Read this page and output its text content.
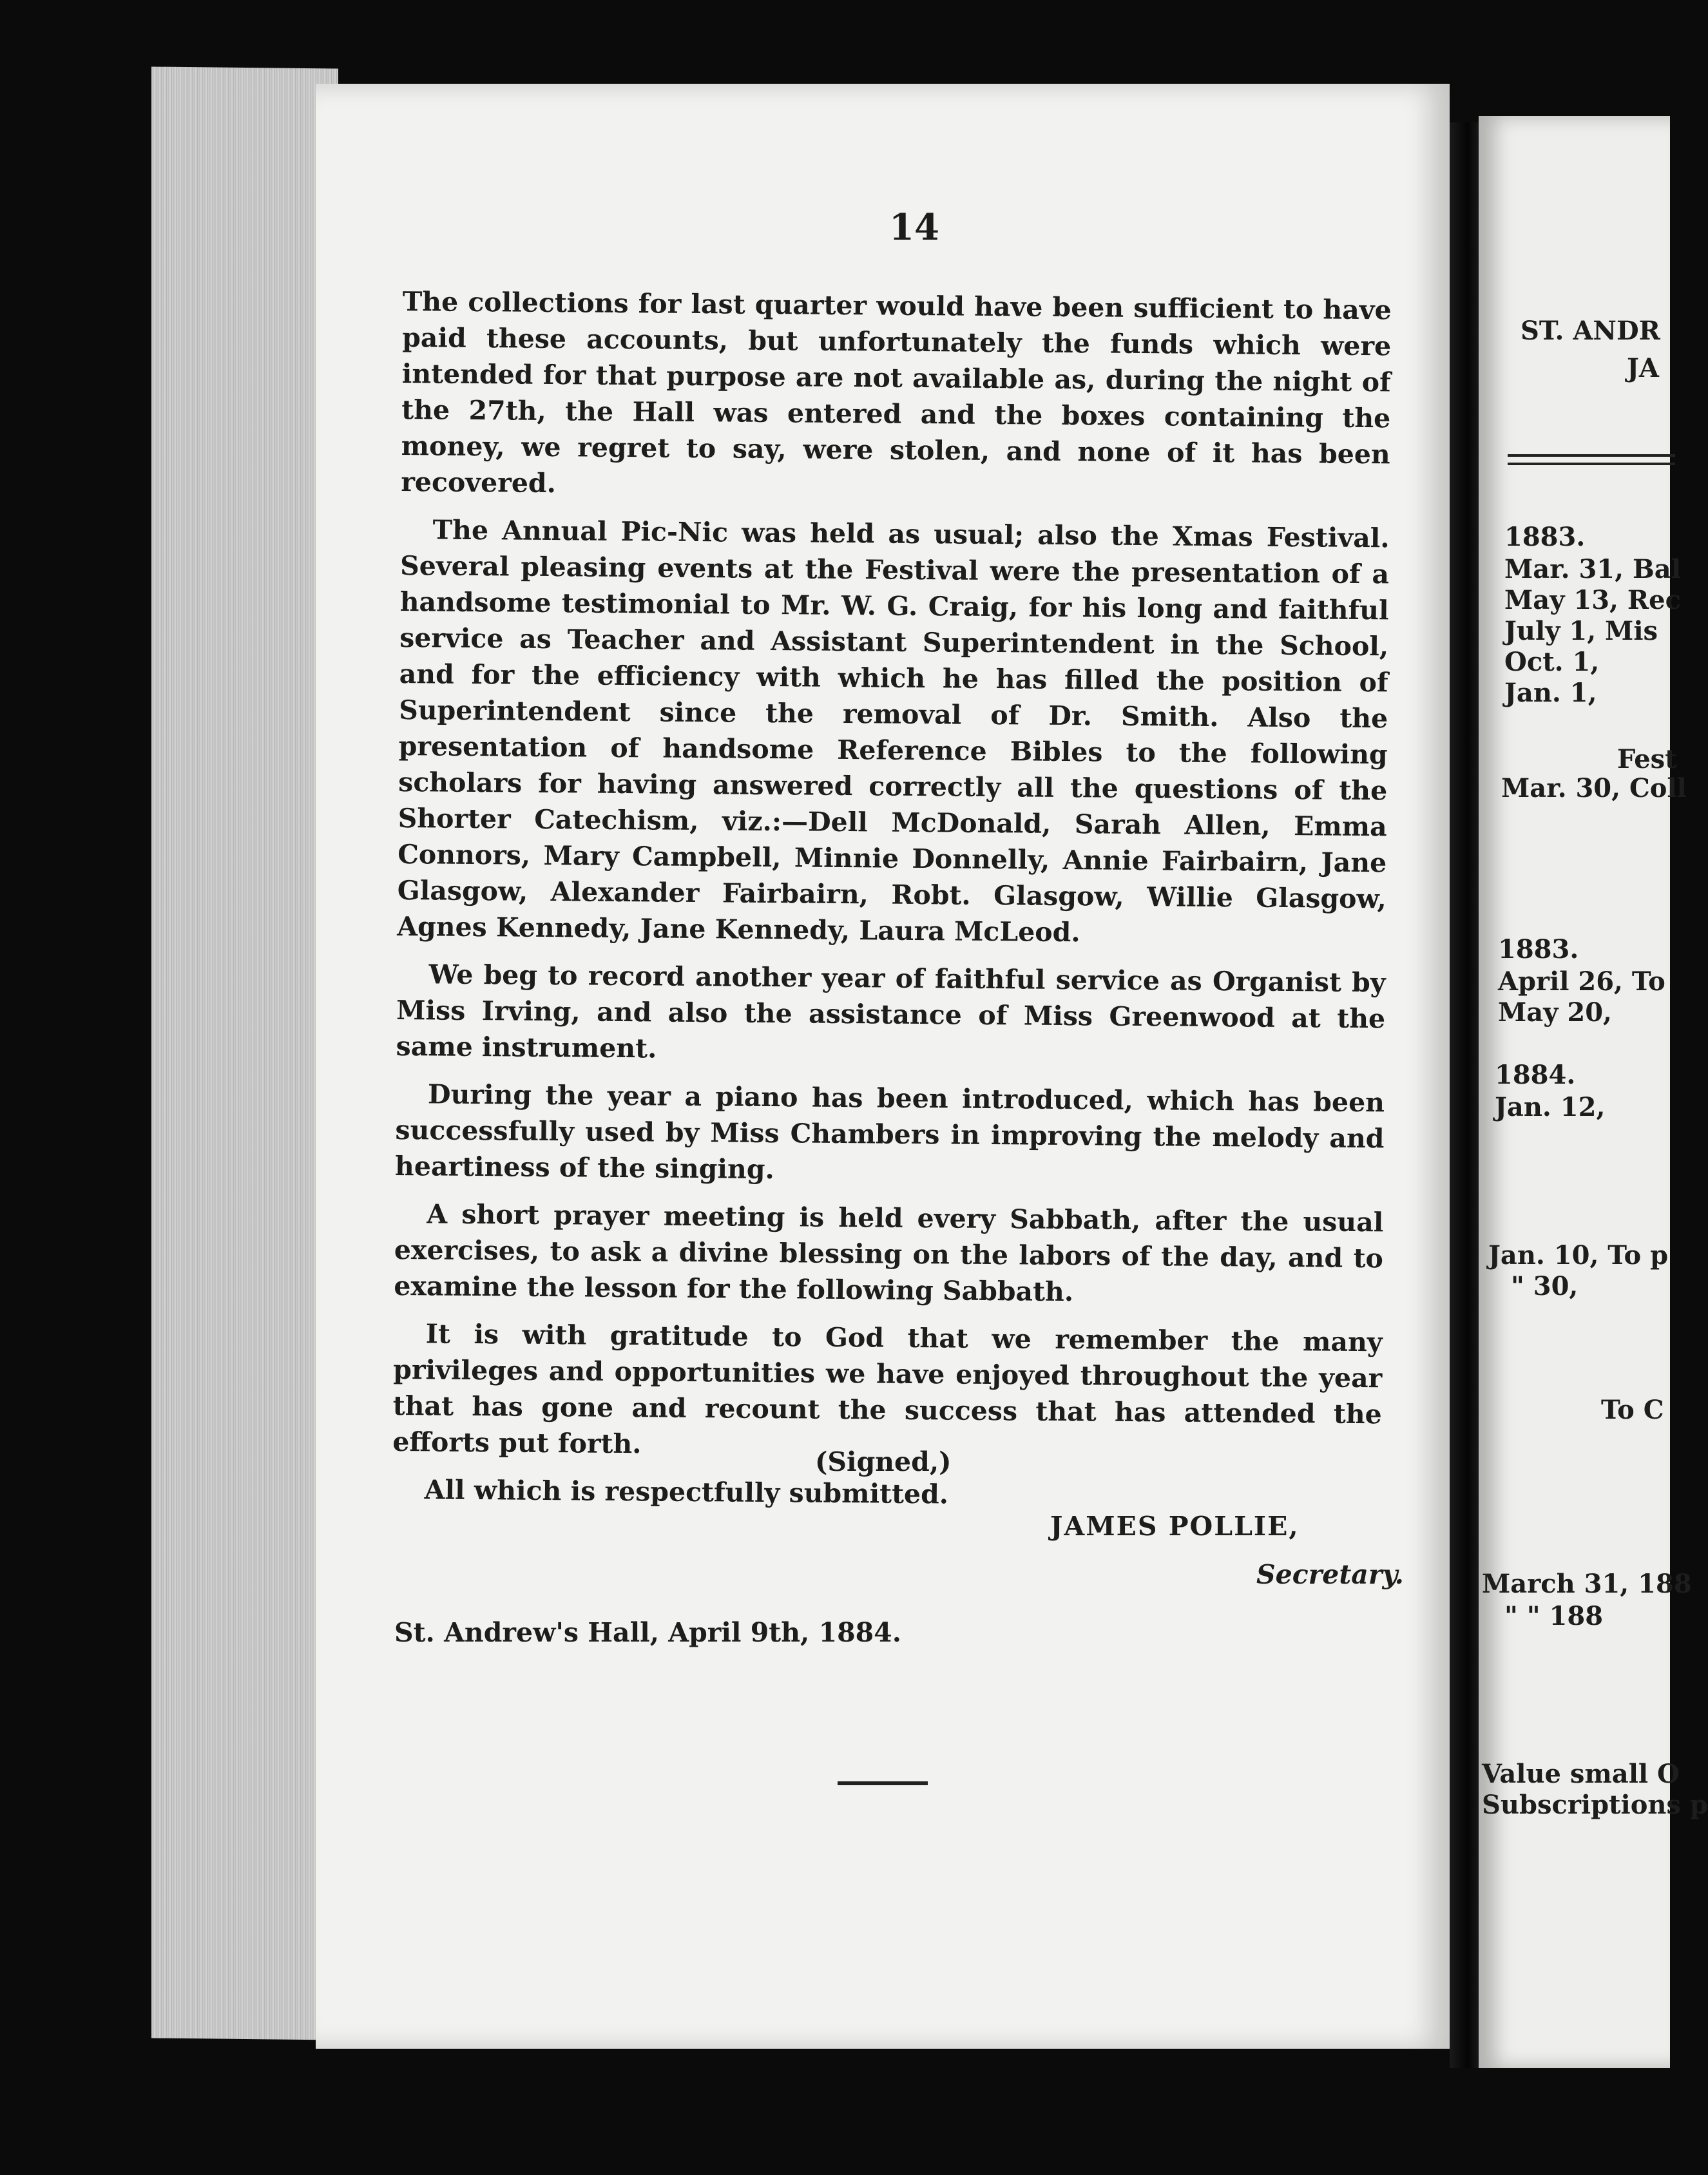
14

The collections for last quarter would have been sufficient to have paid these accounts, but unfortunately the funds which were intended for that purpose are not available as, during the night of the 27th, the Hall was entered and the boxes containing the money, we regret to say, were stolen, and none of it has been recovered.

The Annual Pic-Nic was held as usual; also the Xmas Festival. Several pleasing events at the Festival were the presentation of a handsome testimonial to Mr. W. G. Craig, for his long and faithful service as Teacher and Assistant Superintendent in the School, and for the efficiency with which he has filled the position of Superintendent since the removal of Dr. Smith. Also the presentation of handsome Reference Bibles to the following scholars for having answered correctly all the questions of the Shorter Catechism, viz.:—Dell McDonald, Sarah Allen, Emma Connors, Mary Campbell, Minnie Donnelly, Annie Fairbairn, Jane Glasgow, Alexander Fairbairn, Robt. Glasgow, Willie Glasgow, Agnes Kennedy, Jane Kennedy, Laura McLeod.

We beg to record another year of faithful service as Organist by Miss Irving, and also the assistance of Miss Greenwood at the same instrument.

During the year a piano has been introduced, which has been successfully used by Miss Chambers in improving the melody and heartiness of the singing.

A short prayer meeting is held every Sabbath, after the usual exercises, to ask a divine blessing on the labors of the day, and to examine the lesson for the following Sabbath.

It is with gratitude to God that we remember the many privileges and opportunities we have enjoyed throughout the year that has gone and recount the success that has attended the efforts put forth.

All which is respectfully submitted.

(Signed,)
JAMES POLLIE,
Secretary.
St. Andrew's Hall, April 9th, 1884.
ST. ANDR
JA
1883.
Mar. 31, Bal
May 13, Rec
July 1, Mis
Oct. 1,
Jan. 1,
Fest
Mar. 30, Coll
1883.
April 26, To
May 20,
1884.
Jan. 12,
Jan. 10, To p
" 30,
To C
March 31, 188
" " 188
Value small O
Subscriptions p
